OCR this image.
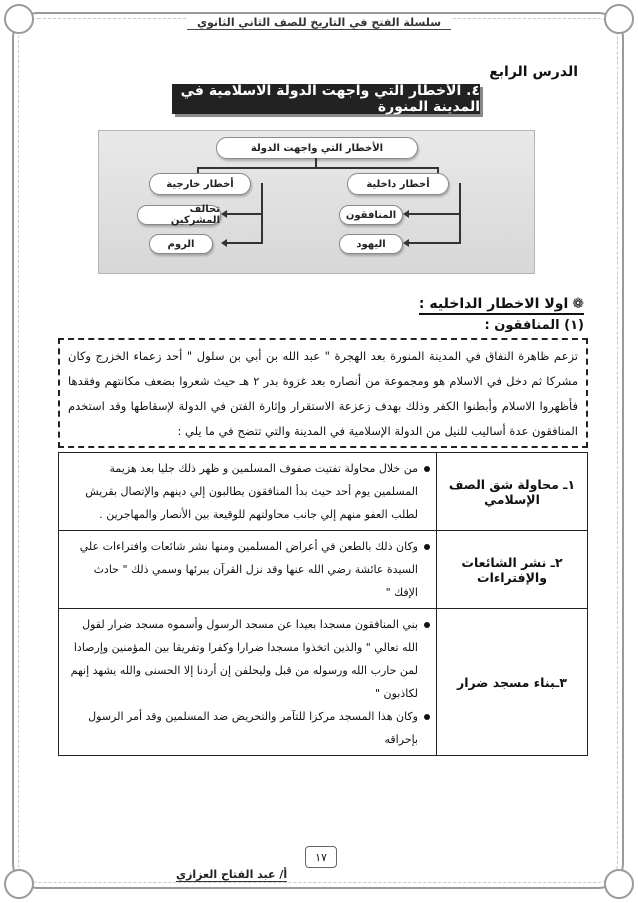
سلسلة الفتح في التاريخ للصف الثاني الثانوي
الدرس الرابع
٤. الأخطار التي واجهت الدولة الاسلامية في المدينة المنورة
الأخطار التي واجهت الدولة
أخطار داخلية
المنافقون
اليهود
أخطار خارجية
تحالف المشركين
الروم
❁
اولا الاخطار الداخليه :
(١) المنافقون :
تزعم ظاهرة النفاق في المدينة المنورة بعد الهجرة " عبد الله بن أبي بن سلول " أحد زعماء الخزرج وكان مشركا ثم دخل في الاسلام هو ومجموعة من أنصاره بعد غزوة بدر ٢ هـ حيث شعروا بضعف مكانتهم وفقدها فأظهروا الاسلام وأبطنوا الكفر وذلك بهدف زعزعة الاستقرار وإثارة الفتن في الدولة لإسقاطها وقد استخدم المنافقون عدة أساليب للنيل من الدولة الإسلامية في المدينة والتي تتضح في ما يلي :
١ـ محاولة شق الصف الإسلامي	من خلال محاولة تفتيت صفوف المسلمين و ظهر ذلك جليا بعد هزيمة المسلمين يوم أحد حيث بدأ المنافقون يطالبون إلي دينهم والإتصال بقريش لطلب العفو منهم إلي جانب محاولتهم للوقيعة بين الأنصار والمهاجرين .

٢ـ نشر الشائعات والإفتراءات	وكان ذلك بالطعن في أعراض المسلمين ومنها نشر شائعات وافتراءات علي السيدة عائشة رضي الله عنها وقد نزل القرآن يبرئها وسمي ذلك " حادث الإفك "

٣ـبناء مسجد ضرار	بني المنافقون مسجدا بعيدا عن مسجد الرسول وأسموه مسجد ضرار لقول الله تعالي " والذين اتخذوا مسجدا ضرارا وكفرا وتفريقا بين المؤمنين وإرصادا لمن حارب الله ورسوله من قبل وليحلفن إن أردنا إلا الحسنى والله يشهد إنهم لكاذبون "
وكان هذا المسجد مركزا للتآمر والتحريض ضد المسلمين وقد أمر الرسول بإحراقه
١٧
أ/ عبد الفتاح العزازي
